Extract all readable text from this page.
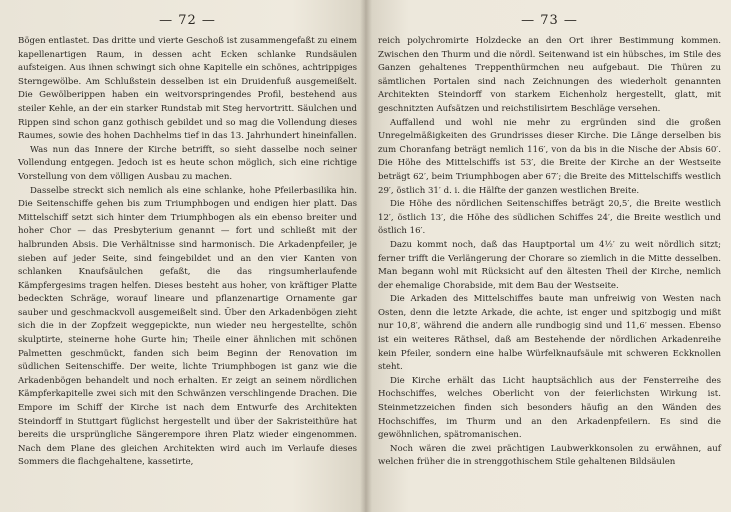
— 72 —

Bögen entlastet. Das dritte und vierte Geschoß ist zusammengefaßt zu einem kapellenartigen Raum, in dessen acht Ecken schlanke Rundsäulen aufsteigen. Aus ihnen schwingt sich ohne Kapitelle ein schönes, achtrippiges Sterngewölbe. Am Schlußstein desselben ist ein Druidenfuß ausgemeißelt. Die Gewölberippen haben ein weitvorspringendes Profil, bestehend aus steiler Kehle, an der ein starker Rundstab mit Steg hervortritt. Säulchen und Rippen sind schon ganz gothisch gebildet und so mag die Vollendung dieses Raumes, sowie des hohen Dachhelms tief in das 13. Jahrhundert hineinfallen.

Was nun das Innere der Kirche betrifft, so sieht dasselbe noch seiner Vollendung entgegen. Jedoch ist es heute schon möglich, sich eine richtige Vorstellung von dem völligen Ausbau zu machen.

Dasselbe streckt sich nemlich als eine schlanke, hohe Pfeilerbasilika hin. Die Seitenschiffe gehen bis zum Triumphbogen und endigen hier platt. Das Mittelschiff setzt sich hinter dem Triumphbogen als ein ebenso breiter und hoher Chor — das Presbyterium genannt — fort und schließt mit der halbrunden Absis. Die Verhältnisse sind harmonisch. Die Arkadenpfeiler, je sieben auf jeder Seite, sind feingebildet und an den vier Kanten von schlanken Knaufsäulchen gefaßt, die das ringsumherlaufende Kämpfergesims tragen helfen. Dieses besteht aus hoher, von kräftiger Platte bedeckten Schräge, worauf lineare und pflanzenartige Ornamente gar sauber und geschmackvoll ausgemeißelt sind. Über den Arkadenbögen zieht sich die in der Zopfzeit weggepickte, nun wieder neu hergestellte, schön skulptirte, steinerne hohe Gurte hin; Theile einer ähnlichen mit schönen Palmetten geschmückt, fanden sich beim Beginn der Renovation im südlichen Seitenschiffe. Der weite, lichte Triumphbogen ist ganz wie die Arkadenbögen behandelt und noch erhalten. Er zeigt an seinem nördlichen Kämpferkapitelle zwei sich mit den Schwänzen verschlingende Drachen. Die Empore im Schiff der Kirche ist nach dem Entwurfe des Architekten Steindorff in Stuttgart füglichst hergestellt und über der Sakristeithüre hat bereits die ursprüngliche Sängerempore ihren Platz wieder eingenommen. Nach dem Plane des gleichen Architekten wird auch im Verlaufe dieses Sommers die flachgehaltene, kassetirte,

— 73 —

reich polychromirte Holzdecke an den Ort ihrer Bestimmung kommen. Zwischen den Thurm und die nördl. Seitenwand ist ein hübsches, im Stile des Ganzen gehaltenes Treppenthürmchen neu aufgebaut. Die Thüren zu sämtlichen Portalen sind nach Zeichnungen des wiederholt genannten Architekten Steindorff von starkem Eichenholz hergestellt, glatt, mit geschnitzten Aufsätzen und reichstilisirtem Beschläge versehen.

Auffallend und wohl nie mehr zu ergründen sind die großen Unregelmäßigkeiten des Grundrisses dieser Kirche. Die Länge derselben bis zum Choranfang beträgt nemlich 116′, von da bis in die Nische der Absis 60′. Die Höhe des Mittelschiffs ist 53′, die Breite der Kirche an der Westseite beträgt 62′, beim Triumphbogen aber 67′; die Breite des Mittelschiffs westlich 29′, östlich 31′ d. i. die Hälfte der ganzen westlichen Breite.

Die Höhe des nördlichen Seitenschiffes beträgt 20,5′, die Breite westlich 12′, östlich 13′, die Höhe des südlichen Schiffes 24′, die Breite westlich und östlich 16′.

Dazu kommt noch, daß das Hauptportal um 4½′ zu weit nördlich sitzt; ferner trifft die Verlängerung der Chorare so ziemlich in die Mitte desselben. Man begann wohl mit Rücksicht auf den ältesten Theil der Kirche, nemlich der ehemalige Chorabside, mit dem Bau der Westseite.

Die Arkaden des Mittelschiffes baute man unfreiwig von Westen nach Osten, denn die letzte Arkade, die achte, ist enger und spitzbogig und mißt nur 10,8′, während die andern alle rundbogig sind und 11,6′ messen. Ebenso ist ein weiteres Räthsel, daß am Bestehende der nördlichen Arkadenreihe kein Pfeiler, sondern eine halbe Würfelknaufsäule mit schweren Eckknollen steht.

Die Kirche erhält das Licht hauptsächlich aus der Fensterreihe des Hochschiffes, welches Oberlicht von der feierlichsten Wirkung ist. Steinmetzzeichen finden sich besonders häufig an den Wänden des Hochschiffes, im Thurm und an den Arkadenpfeilern. Es sind die gewöhnlichen, spätromanischen.

Noch wären die zwei prächtigen Laubwerkkonsolen zu erwähnen, auf welchen früher die in strenggothischem Stile gehaltenen Bildsäulen
